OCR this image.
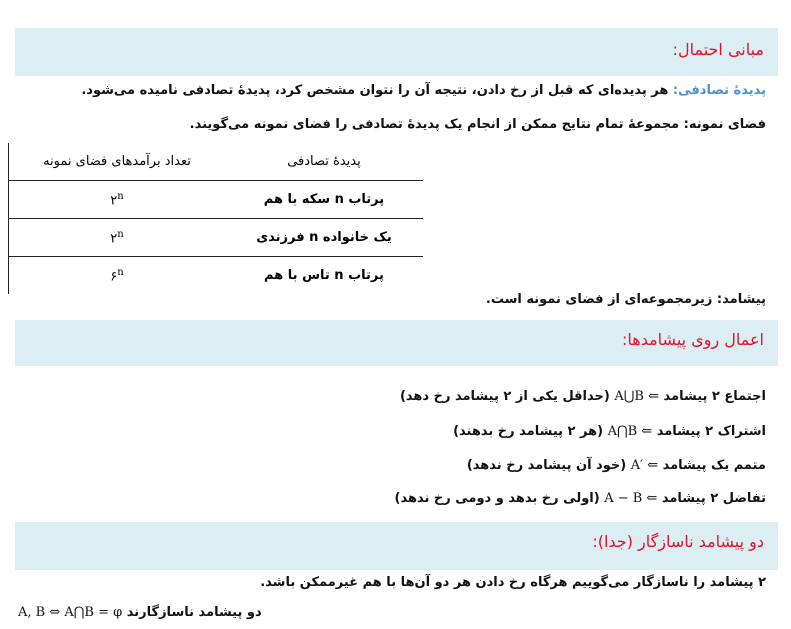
مبانی احتمال:
پدیدهٔ تصادفی: هر پدیده‌ای که قبل از رخ دادن، نتیجه آن را نتوان مشخص کرد، پدیدهٔ تصادفی نامیده می‌شود.
فضای نمونه: مجموعهٔ تمام نتایج ممکن از انجام یک پدیدهٔ تصادفی را فضای نمونه می‌گویند.
پدیدهٔ تصادفی	تعداد برآمدهای فضای نمونه
پرتاب n سکه با هم	۲$^n$
یک خانواده n فرزندی	۲$^n$
پرتاب n تاس با هم	۶$^n$
پیشامد: زیرمجموعه‌ای از فضای نمونه است.
اعمال روی پیشامدها:
اجتماع ۲ پیشامد A⋃B ⇐ (حداقل یکی از ۲ پیشامد رخ دهد)
اشتراک ۲ پیشامد A⋂B ⇐ (هر ۲ پیشامد رخ بدهند)
متمم یک پیشامد A′ ⇐ (خود آن پیشامد رخ ندهد)
تفاضل ۲ پیشامد A − B ⇐ (اولی رخ بدهد و دومی رخ ندهد)
دو پیشامد ناسازگار (جدا):
۲ پیشامد را ناسازگار می‌گوییم هرگاه رخ دادن هر دو آن‌ها با هم غیرممکن باشد.
دو پیشامد ناسازگارند A, B ⇔ A⋂B = φ
